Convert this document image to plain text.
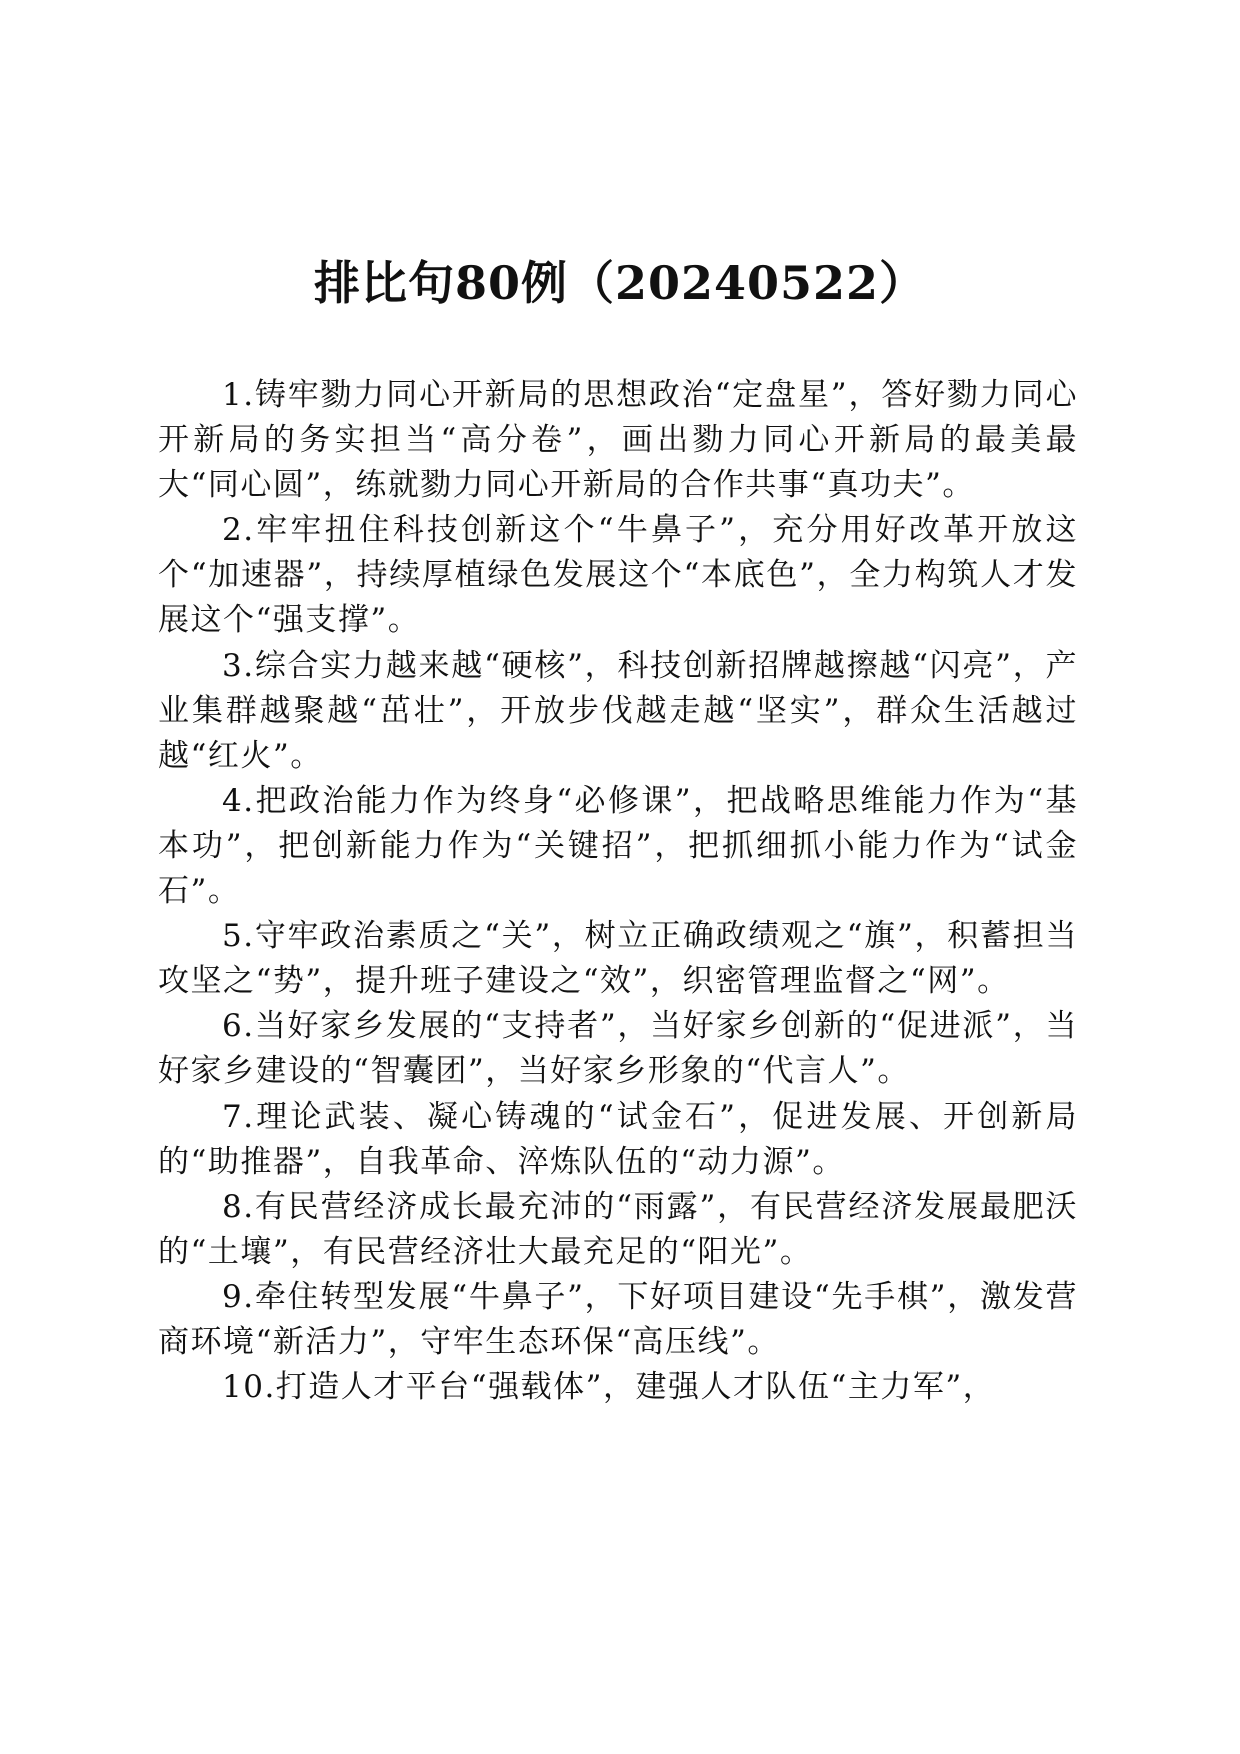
排比句80例（20240522）

1.铸牢勠力同心开新局的思想政治“定盘星”，答好勠力同心开新局的务实担当“高分卷”，画出勠力同心开新局的最美最大“同心圆”，练就勠力同心开新局的合作共事“真功夫”。

2.牢牢扭住科技创新这个“牛鼻子”，充分用好改革开放这个“加速器”，持续厚植绿色发展这个“本底色”，全力构筑人才发展这个“强支撑”。

3.综合实力越来越“硬核”，科技创新招牌越擦越“闪亮”，产业集群越聚越“茁壮”，开放步伐越走越“坚实”，群众生活越过越“红火”。

4.把政治能力作为终身“必修课”，把战略思维能力作为“基本功”，把创新能力作为“关键招”，把抓细抓小能力作为“试金石”。

5.守牢政治素质之“关”，树立正确政绩观之“旗”，积蓄担当攻坚之“势”，提升班子建设之“效”，织密管理监督之“网”。

6.当好家乡发展的“支持者”，当好家乡创新的“促进派”，当好家乡建设的“智囊团”，当好家乡形象的“代言人”。

7.理论武装、凝心铸魂的“试金石”，促进发展、开创新局的“助推器”，自我革命、淬炼队伍的“动力源”。

8.有民营经济成长最充沛的“雨露”，有民营经济发展最肥沃的“土壤”，有民营经济壮大最充足的“阳光”。

9.牵住转型发展“牛鼻子”，下好项目建设“先手棋”，激发营商环境“新活力”，守牢生态环保“高压线”。

10.打造人才平台“强载体”，建强人才队伍“主力军”，
